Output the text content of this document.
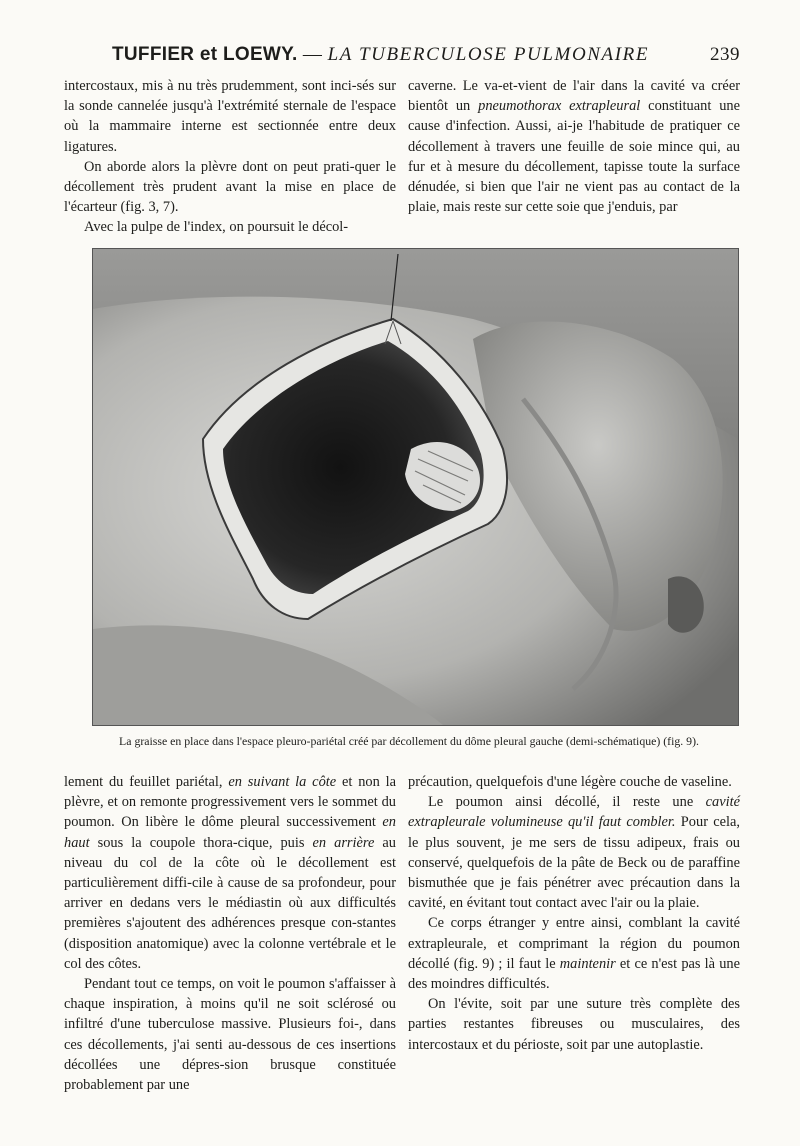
TUFFIER et LOEWY. — LA TUBERCULOSE PULMONAIRE	239

intercostaux, mis à nu très prudemment, sont inci-sés sur la sonde cannelée jusqu'à l'extrémité sternale de l'espace où la mammaire interne est sectionnée entre deux ligatures.

On aborde alors la plèvre dont on peut prati-quer le décollement très prudent avant la mise en place de l'écarteur (fig. 3, 7).

Avec la pulpe de l'index, on poursuit le décol-

caverne. Le va-et-vient de l'air dans la cavité va créer bientôt un pneumothorax extrapleural constituant une cause d'infection. Aussi, ai-je l'habitude de pratiquer ce décollement à travers une feuille de soie mince qui, au fur et à mesure du décollement, tapisse toute la surface dénudée, si bien que l'air ne vient pas au contact de la plaie, mais reste sur cette soie que j'enduis, par

La graisse en place dans l'espace pleuro-pariétal créé par décollement du dôme pleural gauche (demi-schématique) (fig. 9).

lement du feuillet pariétal, en suivant la côte et non la plèvre, et on remonte progressivement vers le sommet du poumon. On libère le dôme pleural successivement en haut sous la coupole thora-cique, puis en arrière au niveau du col de la côte où le décollement est particulièrement diffi-cile à cause de sa profondeur, pour arriver en dedans vers le médiastin où aux difficultés premières s'ajoutent des adhérences presque con-stantes (disposition anatomique) avec la colonne vertébrale et le col des côtes.

Pendant tout ce temps, on voit le poumon s'affaisser à chaque inspiration, à moins qu'il ne soit sclérosé ou infiltré d'une tuberculose massive. Plusieurs foi-, dans ces décollements, j'ai senti au-dessous de ces insertions décollées une dépres-sion brusque constituée probablement par une

précaution, quelquefois d'une légère couche de vaseline.

Le poumon ainsi décollé, il reste une cavité extrapleurale volumineuse qu'il faut combler. Pour cela, le plus souvent, je me sers de tissu adipeux, frais ou conservé, quelquefois de la pâte de Beck ou de paraffine bismuthée que je fais pénétrer avec précaution dans la cavité, en évitant tout contact avec l'air ou la plaie.

Ce corps étranger y entre ainsi, comblant la cavité extrapleurale, et comprimant la région du poumon décollé (fig. 9) ; il faut le maintenir et ce n'est pas là une des moindres difficultés.

On l'évite, soit par une suture très complète des parties restantes fibreuses ou musculaires, des intercostaux et du périoste, soit par une autoplastie.
